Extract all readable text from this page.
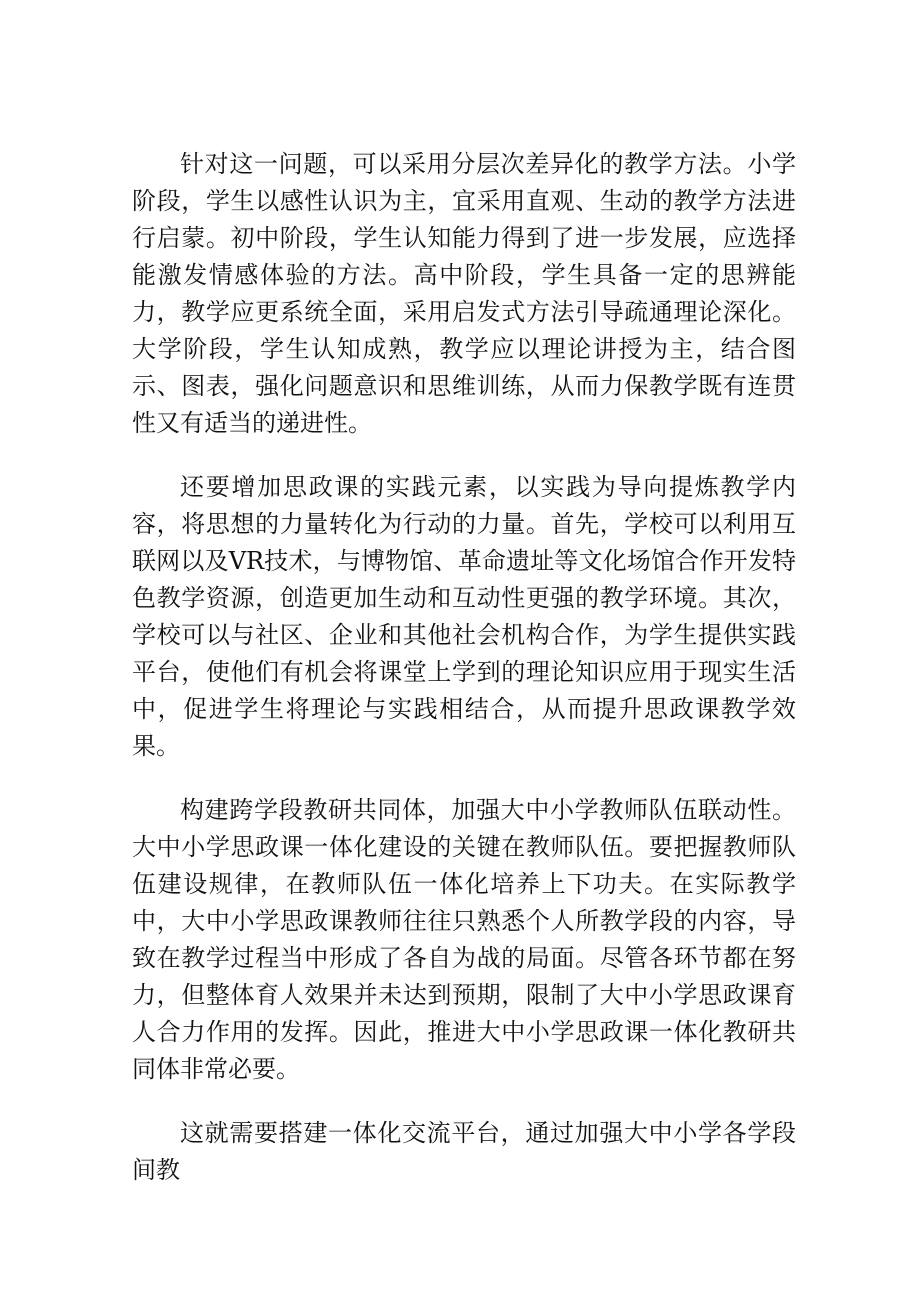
针对这一问题，可以采用分层次差异化的教学方法。小学阶段，学生以感性认识为主，宜采用直观、生动的教学方法进行启蒙。初中阶段，学生认知能力得到了进一步发展，应选择能激发情感体验的方法。高中阶段，学生具备一定的思辨能力，教学应更系统全面，采用启发式方法引导疏通理论深化。大学阶段，学生认知成熟，教学应以理论讲授为主，结合图示、图表，强化问题意识和思维训练，从而力保教学既有连贯性又有适当的递进性。

还要增加思政课的实践元素，以实践为导向提炼教学内容，将思想的力量转化为行动的力量。首先，学校可以利用互联网以及VR技术，与博物馆、革命遗址等文化场馆合作开发特色教学资源，创造更加生动和互动性更强的教学环境。其次，学校可以与社区、企业和其他社会机构合作，为学生提供实践平台，使他们有机会将课堂上学到的理论知识应用于现实生活中，促进学生将理论与实践相结合，从而提升思政课教学效果。

构建跨学段教研共同体，加强大中小学教师队伍联动性。大中小学思政课一体化建设的关键在教师队伍。要把握教师队伍建设规律，在教师队伍一体化培养上下功夫。在实际教学中，大中小学思政课教师往往只熟悉个人所教学段的内容，导致在教学过程当中形成了各自为战的局面。尽管各环节都在努力，但整体育人效果并未达到预期，限制了大中小学思政课育人合力作用的发挥。因此，推进大中小学思政课一体化教研共同体非常必要。

这就需要搭建一体化交流平台，通过加强大中小学各学段间教
